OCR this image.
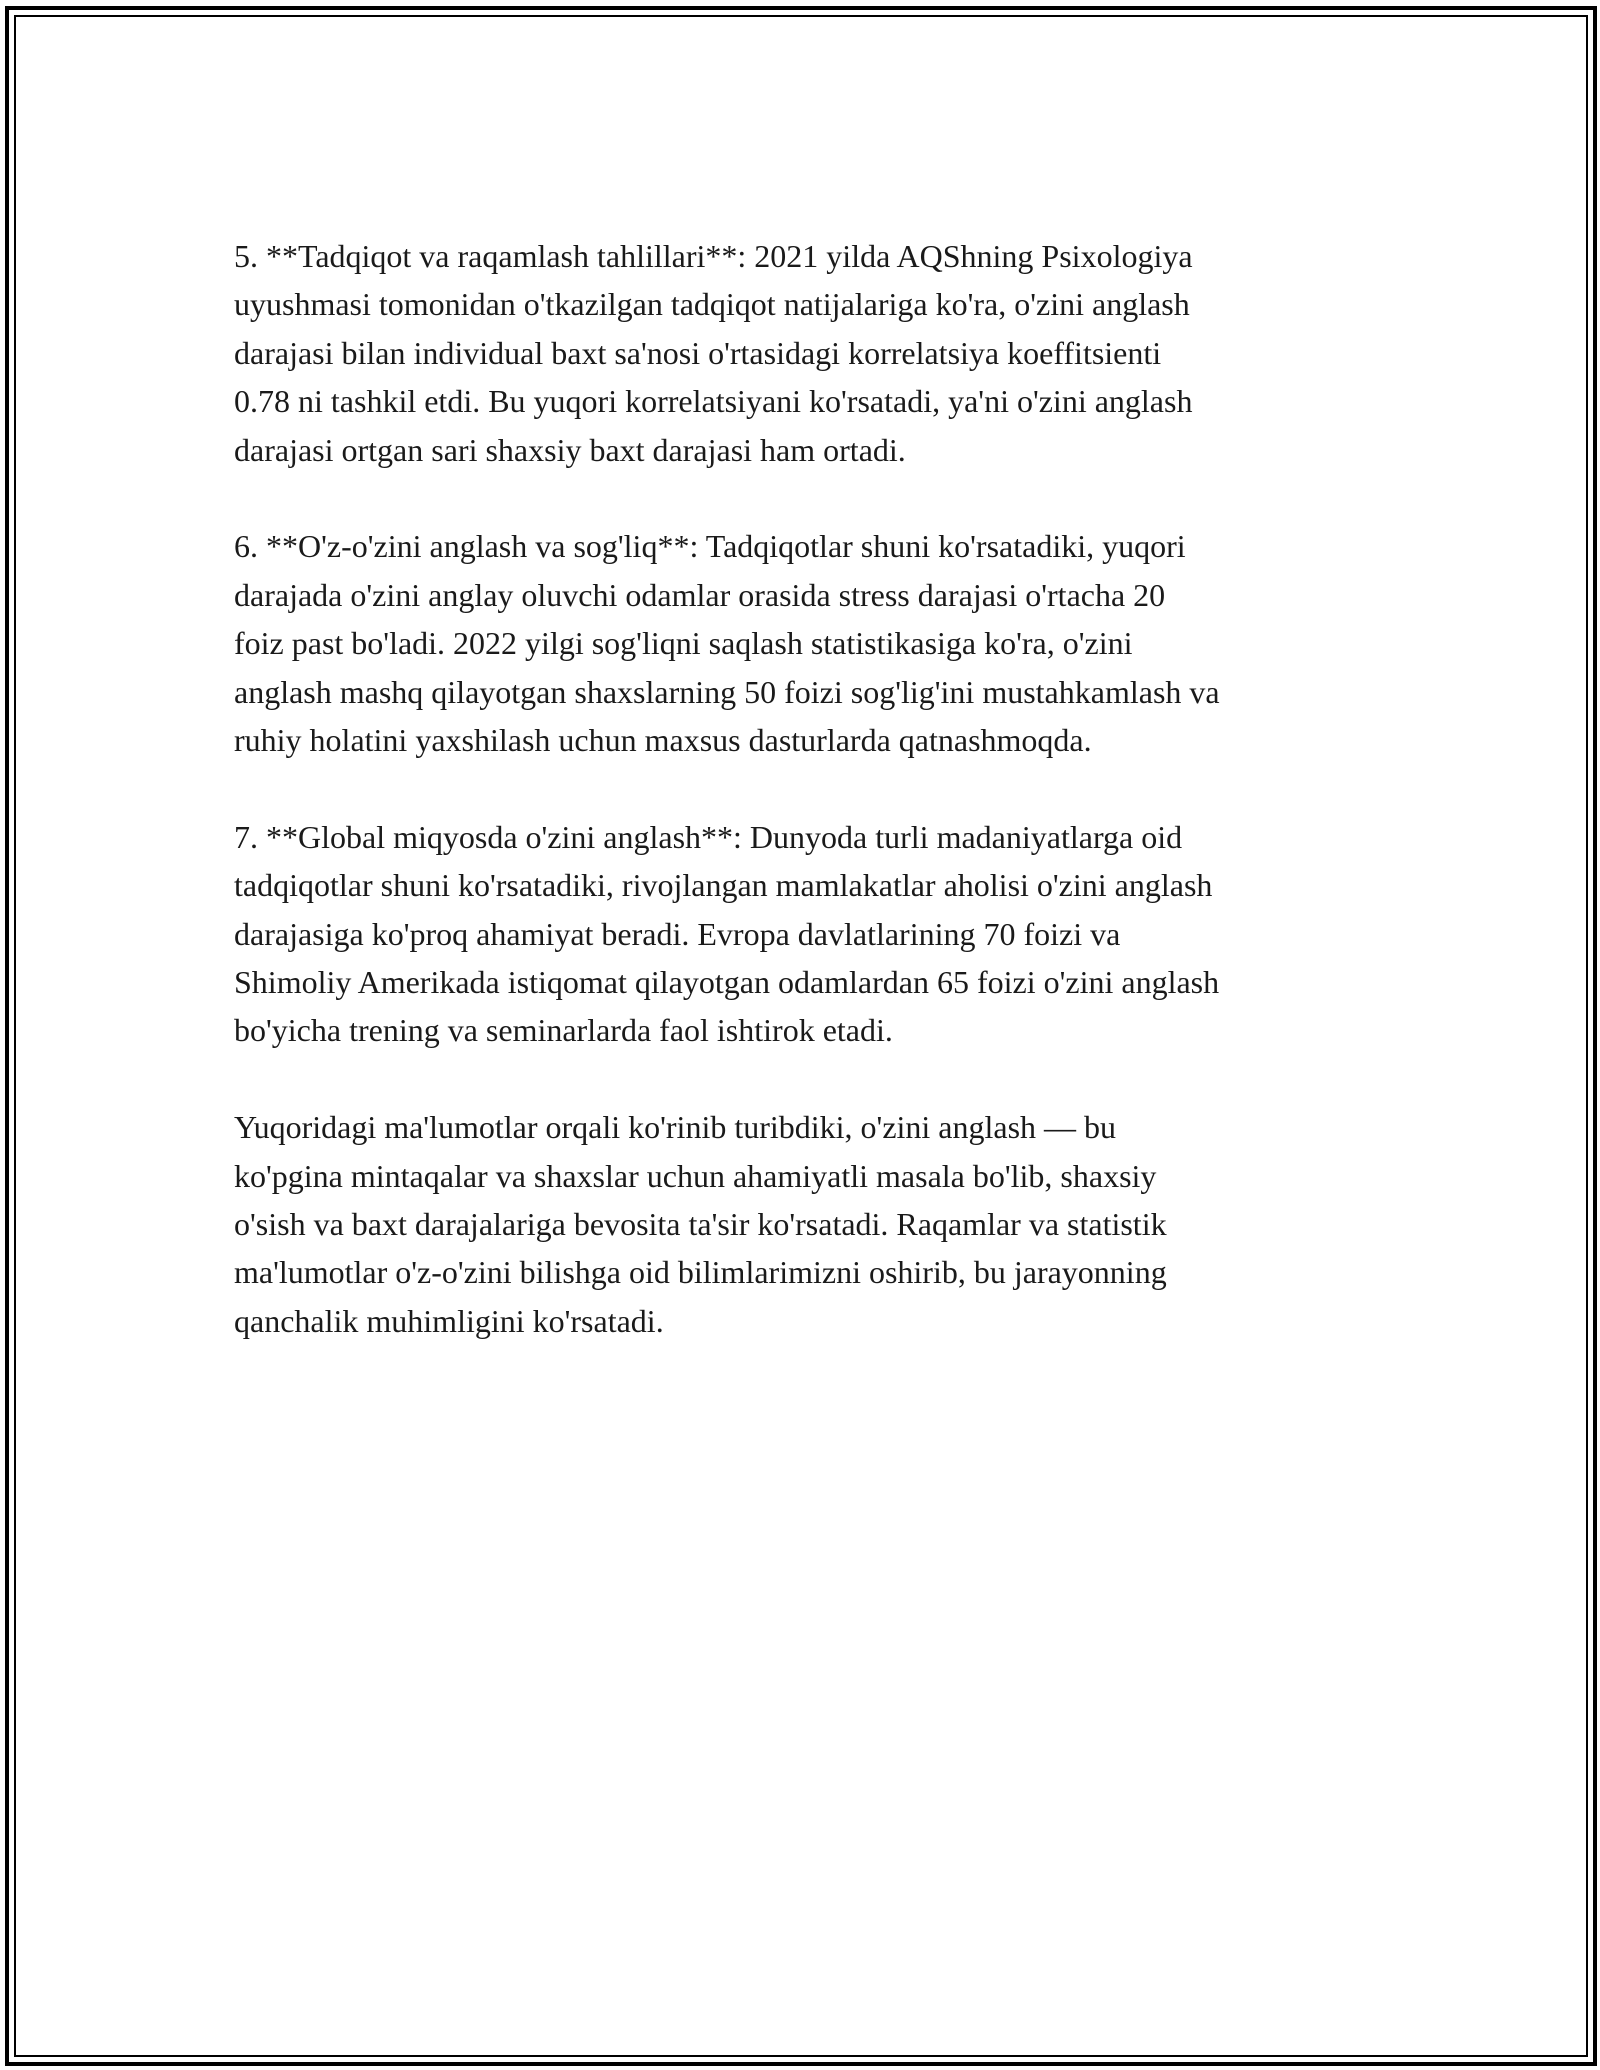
5. **Tadqiqot va raqamlash tahlillari**: 2021 yilda AQShning Psixologiya
uyushmasi tomonidan o'tkazilgan tadqiqot natijalariga ko'ra, o'zini anglash
darajasi bilan individual baxt sa'nosi o'rtasidagi korrelatsiya koeffitsienti
0.78 ni tashkil etdi. Bu yuqori korrelatsiyani ko'rsatadi, ya'ni o'zini anglash
darajasi ortgan sari shaxsiy baxt darajasi ham ortadi.

6. **O'z-o'zini anglash va sog'liq**: Tadqiqotlar shuni ko'rsatadiki, yuqori
darajada o'zini anglay oluvchi odamlar orasida stress darajasi o'rtacha 20
foiz past bo'ladi. 2022 yilgi sog'liqni saqlash statistikasiga ko'ra, o'zini
anglash mashq qilayotgan shaxslarning 50 foizi sog'lig'ini mustahkamlash va
ruhiy holatini yaxshilash uchun maxsus dasturlarda qatnashmoqda.

7. **Global miqyosda o'zini anglash**: Dunyoda turli madaniyatlarga oid
tadqiqotlar shuni ko'rsatadiki, rivojlangan mamlakatlar aholisi o'zini anglash
darajasiga ko'proq ahamiyat beradi. Evropa davlatlarining 70 foizi va
Shimoliy Amerikada istiqomat qilayotgan odamlardan 65 foizi o'zini anglash
bo'yicha trening va seminarlarda faol ishtirok etadi.

Yuqoridagi ma'lumotlar orqali ko'rinib turibdiki, o'zini anglash — bu
ko'pgina mintaqalar va shaxslar uchun ahamiyatli masala bo'lib, shaxsiy
o'sish va baxt darajalariga bevosita ta'sir ko'rsatadi. Raqamlar va statistik
ma'lumotlar o'z-o'zini bilishga oid bilimlarimizni oshirib, bu jarayonning
qanchalik muhimligini ko'rsatadi.
